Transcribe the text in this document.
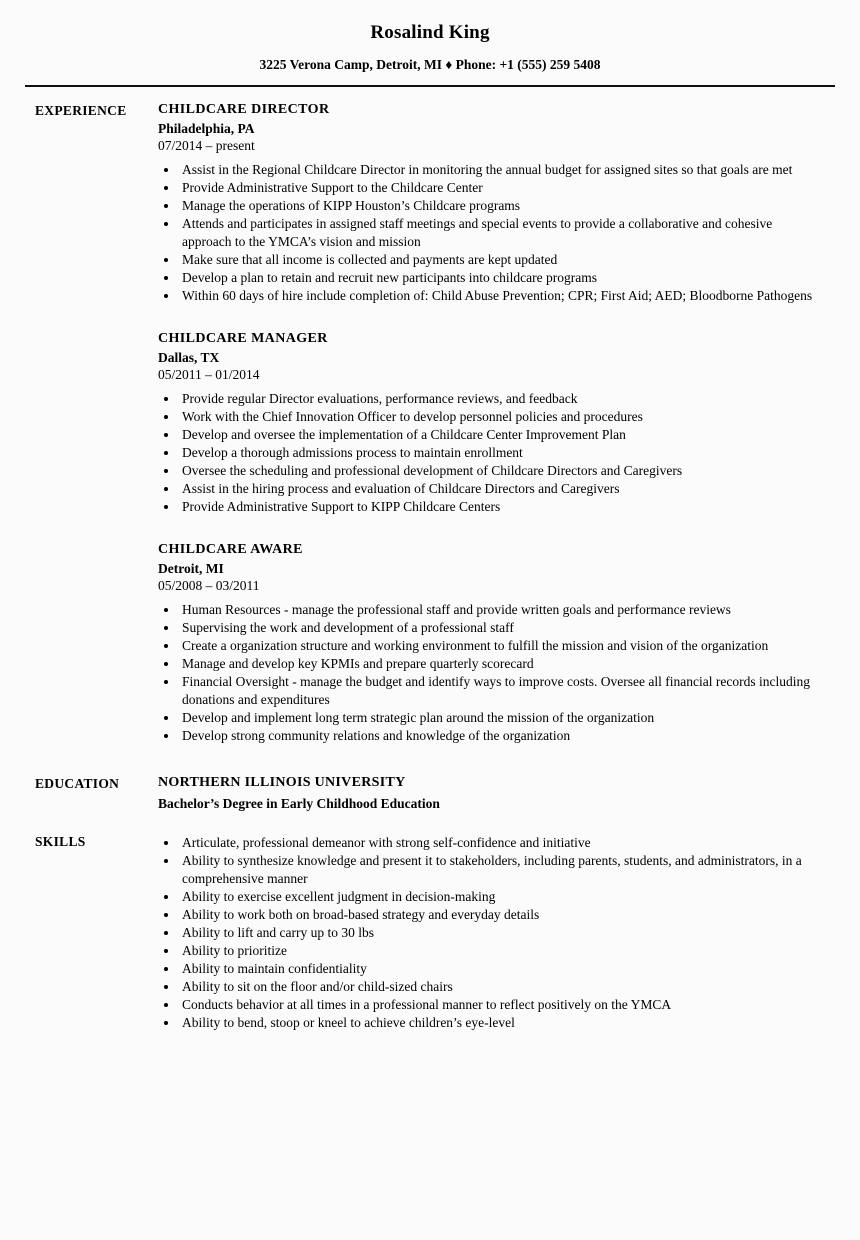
Rosalind King
3225 Verona Camp, Detroit, MI ♦ Phone: +1 (555) 259 5408
EXPERIENCE	CHILDCARE DIRECTOR
Philadelphia, PA
07/2014 – present
• Assist in the Regional Childcare Director in monitoring the annual budget for assigned sites so that goals are met
• Provide Administrative Support to the Childcare Center
• Manage the operations of KIPP Houston’s Childcare programs
• Attends and participates in assigned staff meetings and special events to provide a collaborative and cohesive approach to the YMCA’s vision and mission
• Make sure that all income is collected and payments are kept updated
• Develop a plan to retain and recruit new participants into childcare programs
• Within 60 days of hire include completion of: Child Abuse Prevention; CPR; First Aid; AED; Bloodborne Pathogens
CHILDCARE MANAGER
Dallas, TX
05/2011 – 01/2014
• Provide regular Director evaluations, performance reviews, and feedback
• Work with the Chief Innovation Officer to develop personnel policies and procedures
• Develop and oversee the implementation of a Childcare Center Improvement Plan
• Develop a thorough admissions process to maintain enrollment
• Oversee the scheduling and professional development of Childcare Directors and Caregivers
• Assist in the hiring process and evaluation of Childcare Directors and Caregivers
• Provide Administrative Support to KIPP Childcare Centers
CHILDCARE AWARE
Detroit, MI
05/2008 – 03/2011
• Human Resources - manage the professional staff and provide written goals and performance reviews
• Supervising the work and development of a professional staff
• Create a organization structure and working environment to fulfill the mission and vision of the organization
• Manage and develop key KPMIs and prepare quarterly scorecard
• Financial Oversight - manage the budget and identify ways to improve costs. Oversee all financial records including donations and expenditures
• Develop and implement long term strategic plan around the mission of the organization
• Develop strong community relations and knowledge of the organization
EDUCATION	NORTHERN ILLINOIS UNIVERSITY
Bachelor’s Degree in Early Childhood Education
SKILLS	• Articulate, professional demeanor with strong self-confidence and initiative
• Ability to synthesize knowledge and present it to stakeholders, including parents, students, and administrators, in a comprehensive manner
• Ability to exercise excellent judgment in decision-making
• Ability to work both on broad-based strategy and everyday details
• Ability to lift and carry up to 30 lbs
• Ability to prioritize
• Ability to maintain confidentiality
• Ability to sit on the floor and/or child-sized chairs
• Conducts behavior at all times in a professional manner to reflect positively on the YMCA
• Ability to bend, stoop or kneel to achieve children’s eye-level
